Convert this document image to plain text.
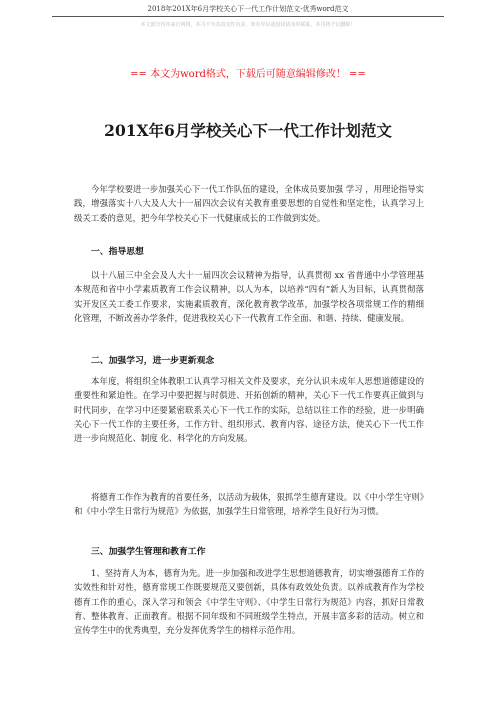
2018年201X年6月学校关心下一代工作计划范文-优秀word范文
本文部分内容来自网络，本司不为其真实性负责，如有异议或侵权请及时联系，本司将予以删除！
== 本文为word格式，下载后可随意编辑修改！ ==
201X年6月学校关心下一代工作计划范文

今年学校要进一步加强关心下一代工作队伍的建设，全体成员要加强 学习 ，用理论指导实践，增强落实十八大及人大十一届四次会议有关教育重要思想的自觉性和坚定性，认真学习上级关工委的意见，把今年学校关心下一代健康成长的工作做到实处。

一、指导思想

以十八届三中全会及人大十一届四次会议精神为指导，认真贯彻 xx 省普通中小学管理基本规范和省中小学素质教育工作会议精神，以人为本，以培养“四有”新人为目标，认真贯彻落实开发区关工委工作要求，实施素质教育，深化教育教学改革，加强学校各项常规工作的精细化管理，不断改善办学条件，促进我校关心下一代教育工作全面、和谐、持续、健康发展。

二、加强学习，进一步更新观念

本年度，将组织全体教职工认真学习相关文件及要求，充分认识未成年人思想道德建设的重要性和紧迫性。在学习中要把握与时俱进、开拓创新的精神，关心下一代工作要真正做到与时代同步，在学习中还要紧密联系关心下一代工作的实际，总结以往工作的经验，进一步明确关心下一代工作的主要任务，工作方针、组织形式、教育内容、途径方法，使关心下一代工作进一步向规范化、制度 化、科学化的方向发展。

将德育工作作为教育的首要任务，以活动为载体，狠抓学生德育建设。以《中小学生守则》和《中小学生日常行为规范》为依据，加强学生日常管理，培养学生良好行为习惯。

三、加强学生管理和教育工作

1、坚持育人为本，德育为先。进一步加强和改进学生思想道德教育，切实增强德育工作的实效性和针对性，德育常规工作既要规范又要创新，具体有政效处负责。以养成教育作为学校德育工作的重心，深入学习和领会《中学生守则》、《中学生日常行为规范》内容，抓好日常教育、整体教育、正面教育。根据不同年级和不同班级学生特点，开展丰富多彩的活动。树立和宣传学生中的优秀典型，充分发挥优秀学生的榜样示范作用。
